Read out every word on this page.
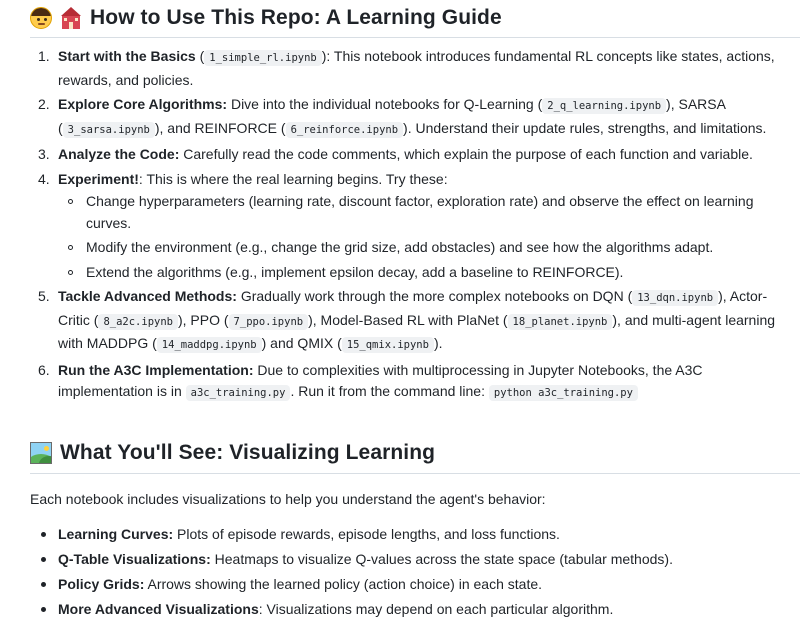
How to Use This Repo: A Learning Guide
1. Start with the Basics ( 1_simple_rl.ipynb ): This notebook introduces fundamental RL concepts like states, actions, rewards, and policies.
2. Explore Core Algorithms: Dive into the individual notebooks for Q-Learning ( 2_q_learning.ipynb ), SARSA ( 3_sarsa.ipynb ), and REINFORCE ( 6_reinforce.ipynb ). Understand their update rules, strengths, and limitations.
3. Analyze the Code: Carefully read the code comments, which explain the purpose of each function and variable.
4. Experiment!: This is where the real learning begins. Try these:
Change hyperparameters (learning rate, discount factor, exploration rate) and observe the effect on learning curves.
Modify the environment (e.g., change the grid size, add obstacles) and see how the algorithms adapt.
Extend the algorithms (e.g., implement epsilon decay, add a baseline to REINFORCE).
5. Tackle Advanced Methods: Gradually work through the more complex notebooks on DQN ( 13_dqn.ipynb ), Actor-Critic ( 8_a2c.ipynb ), PPO ( 7_ppo.ipynb ), Model-Based RL with PlaNet ( 18_planet.ipynb ), and multi-agent learning with MADDPG ( 14_maddpg.ipynb ) and QMIX ( 15_qmix.ipynb ).
6. Run the A3C Implementation: Due to complexities with multiprocessing in Jupyter Notebooks, the A3C implementation is in a3c_training.py . Run it from the command line: python a3c_training.py
What You'll See: Visualizing Learning
Each notebook includes visualizations to help you understand the agent's behavior:
Learning Curves: Plots of episode rewards, episode lengths, and loss functions.
Q-Table Visualizations: Heatmaps to visualize Q-values across the state space (tabular methods).
Policy Grids: Arrows showing the learned policy (action choice) in each state.
More Advanced Visualizations: Visualizations may depend on each particular algorithm.
